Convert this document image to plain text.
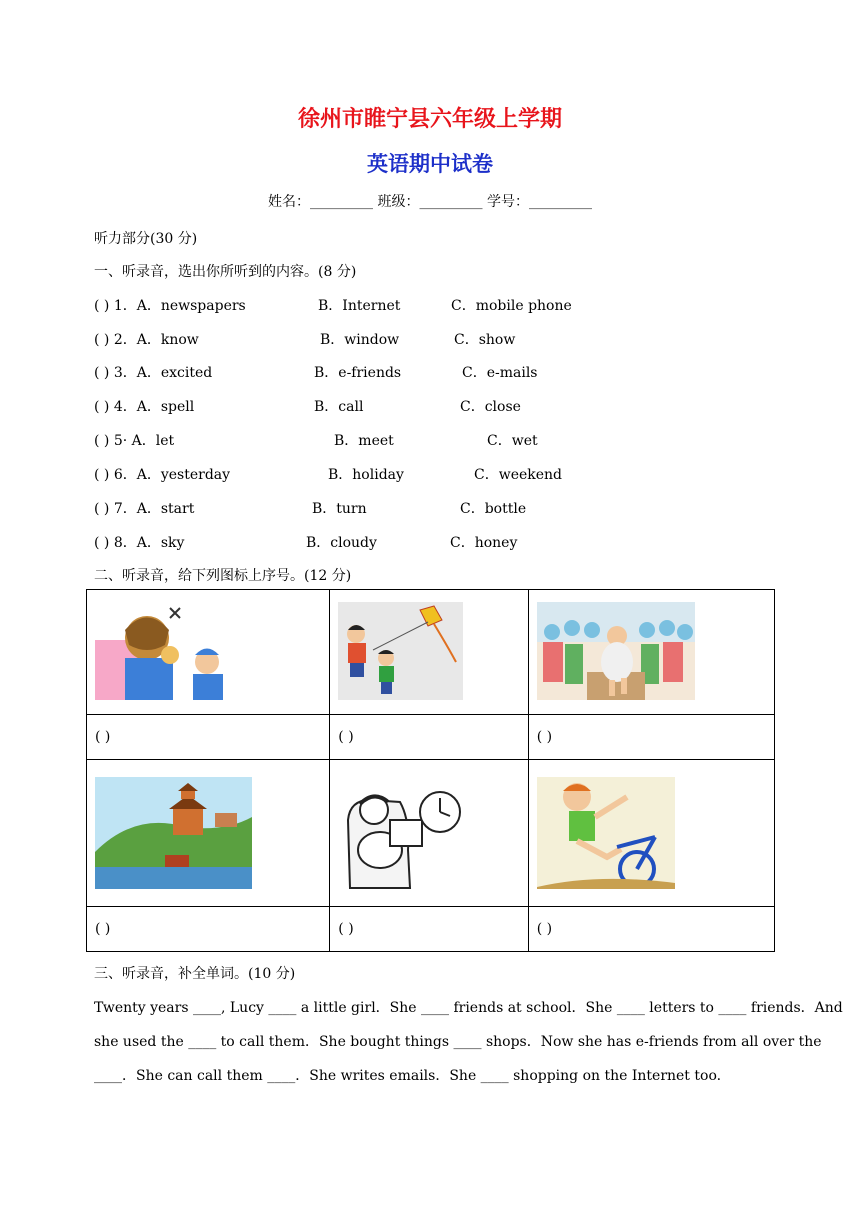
徐州市睢宁县六年级上学期
英语期中试卷
姓名：_________ 班级：_________ 学号：_________
听力部分(30 分)
一、听录音，选出你所听到的内容。(8 分)
( ) 1．A．newspapers	B．Internet	C．mobile phone
( ) 2．A．know	B．window	C．show
( ) 3．A．excited	B．e-friends	C．e-mails
( ) 4．A．spell	B．call	C．close
( ) 5· A．let	B．meet	C．wet
( ) 6．A．yesterday	B．holiday	C．weekend
( ) 7．A．start	B．turn	C．bottle
( ) 8．A．sky	B．cloudy	C．honey
二、听录音，给下列图标上序号。(12 分)

( )	( )	( )

( )	( )	( )
三、听录音，补全单词。(10 分)
Twenty years ____, Lucy ____ a little girl．She ____ friends at school．She ____ letters to ____ friends．And
she used the ____ to call them．She bought things ____ shops．Now she has e-friends from all over the
____．She can call them ____．She writes emails．She ____ shopping on the Internet too.
